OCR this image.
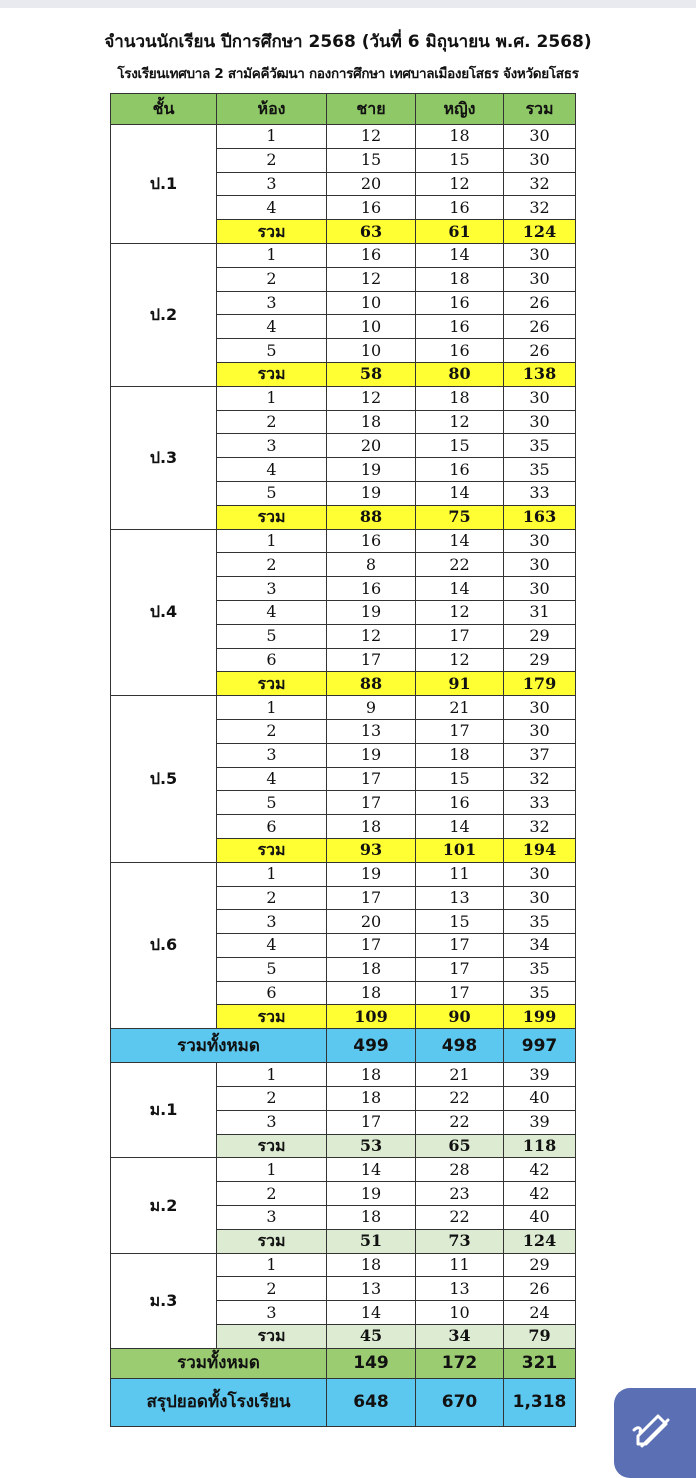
จำนวนนักเรียน ปีการศึกษา 2568 (วันที่ 6 มิถุนายน พ.ศ. 2568)
โรงเรียนเทศบาล 2 สามัคคีวัฒนา กองการศึกษา เทศบาลเมืองยโสธร จังหวัดยโสธร
ชั้น	ห้อง	ชาย	หญิง	รวม
ป.1	1	12	18	30
	2	15	15	30
	3	20	12	32
	4	16	16	32
	รวม	63	61	124
ป.2	1	16	14	30
	2	12	18	30
	3	10	16	26
	4	10	16	26
	5	10	16	26
	รวม	58	80	138
ป.3	1	12	18	30
	2	18	12	30
	3	20	15	35
	4	19	16	35
	5	19	14	33
	รวม	88	75	163
ป.4	1	16	14	30
	2	8	22	30
	3	16	14	30
	4	19	12	31
	5	12	17	29
	6	17	12	29
	รวม	88	91	179
ป.5	1	9	21	30
	2	13	17	30
	3	19	18	37
	4	17	15	32
	5	17	16	33
	6	18	14	32
	รวม	93	101	194
ป.6	1	19	11	30
	2	17	13	30
	3	20	15	35
	4	17	17	34
	5	18	17	35
	6	18	17	35
	รวม	109	90	199
รวมทั้งหมด		499	498	997
ม.1	1	18	21	39
	2	18	22	40
	3	17	22	39
	รวม	53	65	118
ม.2	1	14	28	42
	2	19	23	42
	3	18	22	40
	รวม	51	73	124
ม.3	1	18	11	29
	2	13	13	26
	3	14	10	24
	รวม	45	34	79
รวมทั้งหมด		149	172	321
สรุปยอดทั้งโรงเรียน		648	670	1,318
